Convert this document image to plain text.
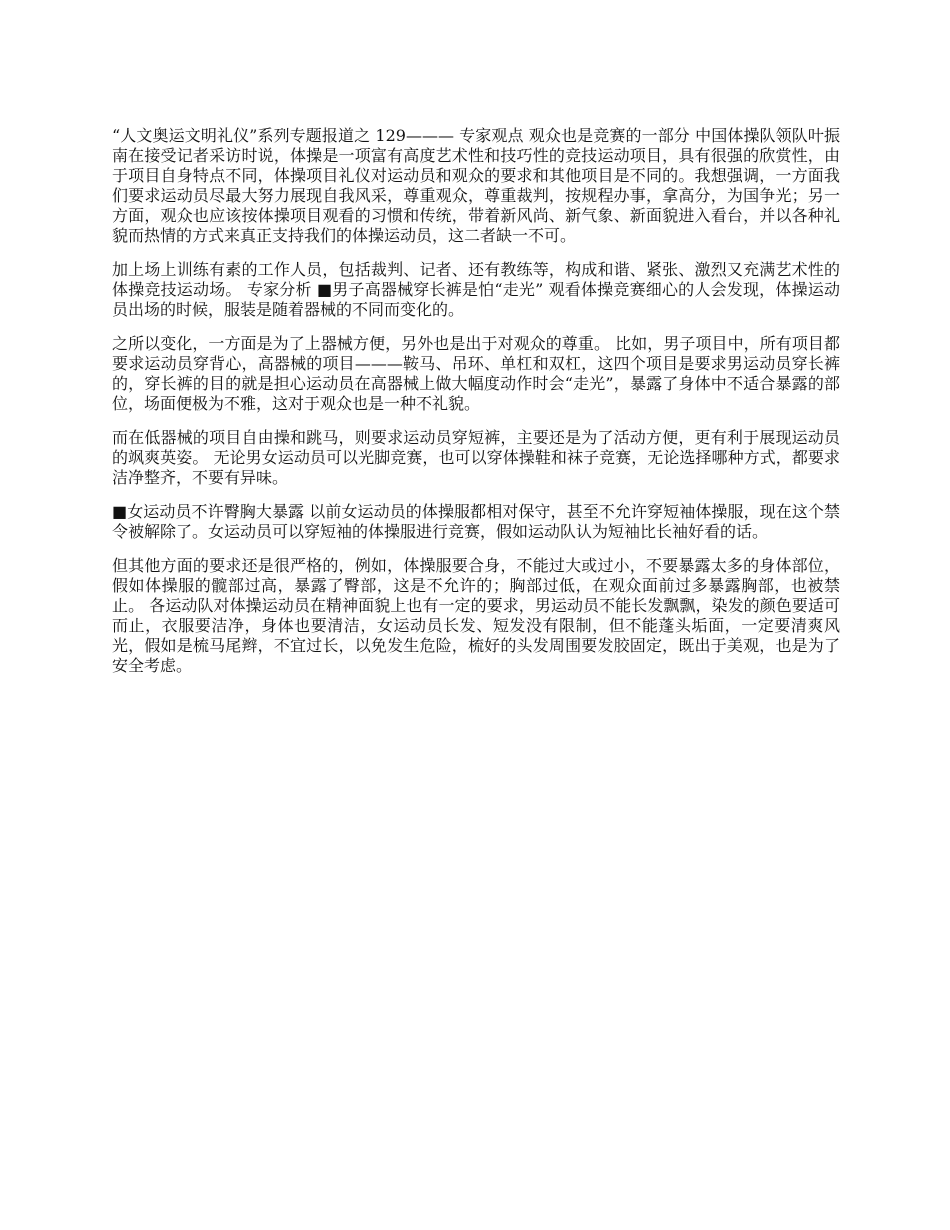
“人文奥运文明礼仪”系列专题报道之 129——— 专家观点 观众也是竞赛的一部分 中国体操队领队叶振南在接受记者采访时说，体操是一项富有高度艺术性和技巧性的竞技运动项目，具有很强的欣赏性，由于项目自身特点不同，体操项目礼仪对运动员和观众的要求和其他项目是不同的。我想强调，一方面我们要求运动员尽最大努力展现自我风采，尊重观众，尊重裁判，按规程办事，拿高分，为国争光；另一方面，观众也应该按体操项目观看的习惯和传统，带着新风尚、新气象、新面貌进入看台，并以各种礼貌而热情的方式来真正支持我们的体操运动员，这二者缺一不可。

加上场上训练有素的工作人员，包括裁判、记者、还有教练等，构成和谐、紧张、激烈又充满艺术性的体操竞技运动场。 专家分析 ■男子高器械穿长裤是怕“走光” 观看体操竞赛细心的人会发现，体操运动员出场的时候，服装是随着器械的不同而变化的。

之所以变化，一方面是为了上器械方便，另外也是出于对观众的尊重。 比如，男子项目中，所有项目都要求运动员穿背心，高器械的项目———鞍马、吊环、单杠和双杠，这四个项目是要求男运动员穿长裤的，穿长裤的目的就是担心运动员在高器械上做大幅度动作时会“走光”，暴露了身体中不适合暴露的部位，场面便极为不雅，这对于观众也是一种不礼貌。

而在低器械的项目自由操和跳马，则要求运动员穿短裤，主要还是为了活动方便，更有利于展现运动员的飒爽英姿。 无论男女运动员可以光脚竞赛，也可以穿体操鞋和袜子竞赛，无论选择哪种方式，都要求洁净整齐，不要有异味。

■女运动员不许臀胸大暴露 以前女运动员的体操服都相对保守，甚至不允许穿短袖体操服，现在这个禁令被解除了。女运动员可以穿短袖的体操服进行竞赛，假如运动队认为短袖比长袖好看的话。

但其他方面的要求还是很严格的，例如，体操服要合身，不能过大或过小，不要暴露太多的身体部位，假如体操服的髋部过高，暴露了臀部，这是不允许的；胸部过低，在观众面前过多暴露胸部，也被禁止。 各运动队对体操运动员在精神面貌上也有一定的要求，男运动员不能长发飘飘，染发的颜色要适可而止，衣服要洁净，身体也要清洁，女运动员长发、短发没有限制，但不能蓬头垢面，一定要清爽风光，假如是梳马尾辫，不宜过长，以免发生危险，梳好的头发周围要发胶固定，既出于美观，也是为了安全考虑。
